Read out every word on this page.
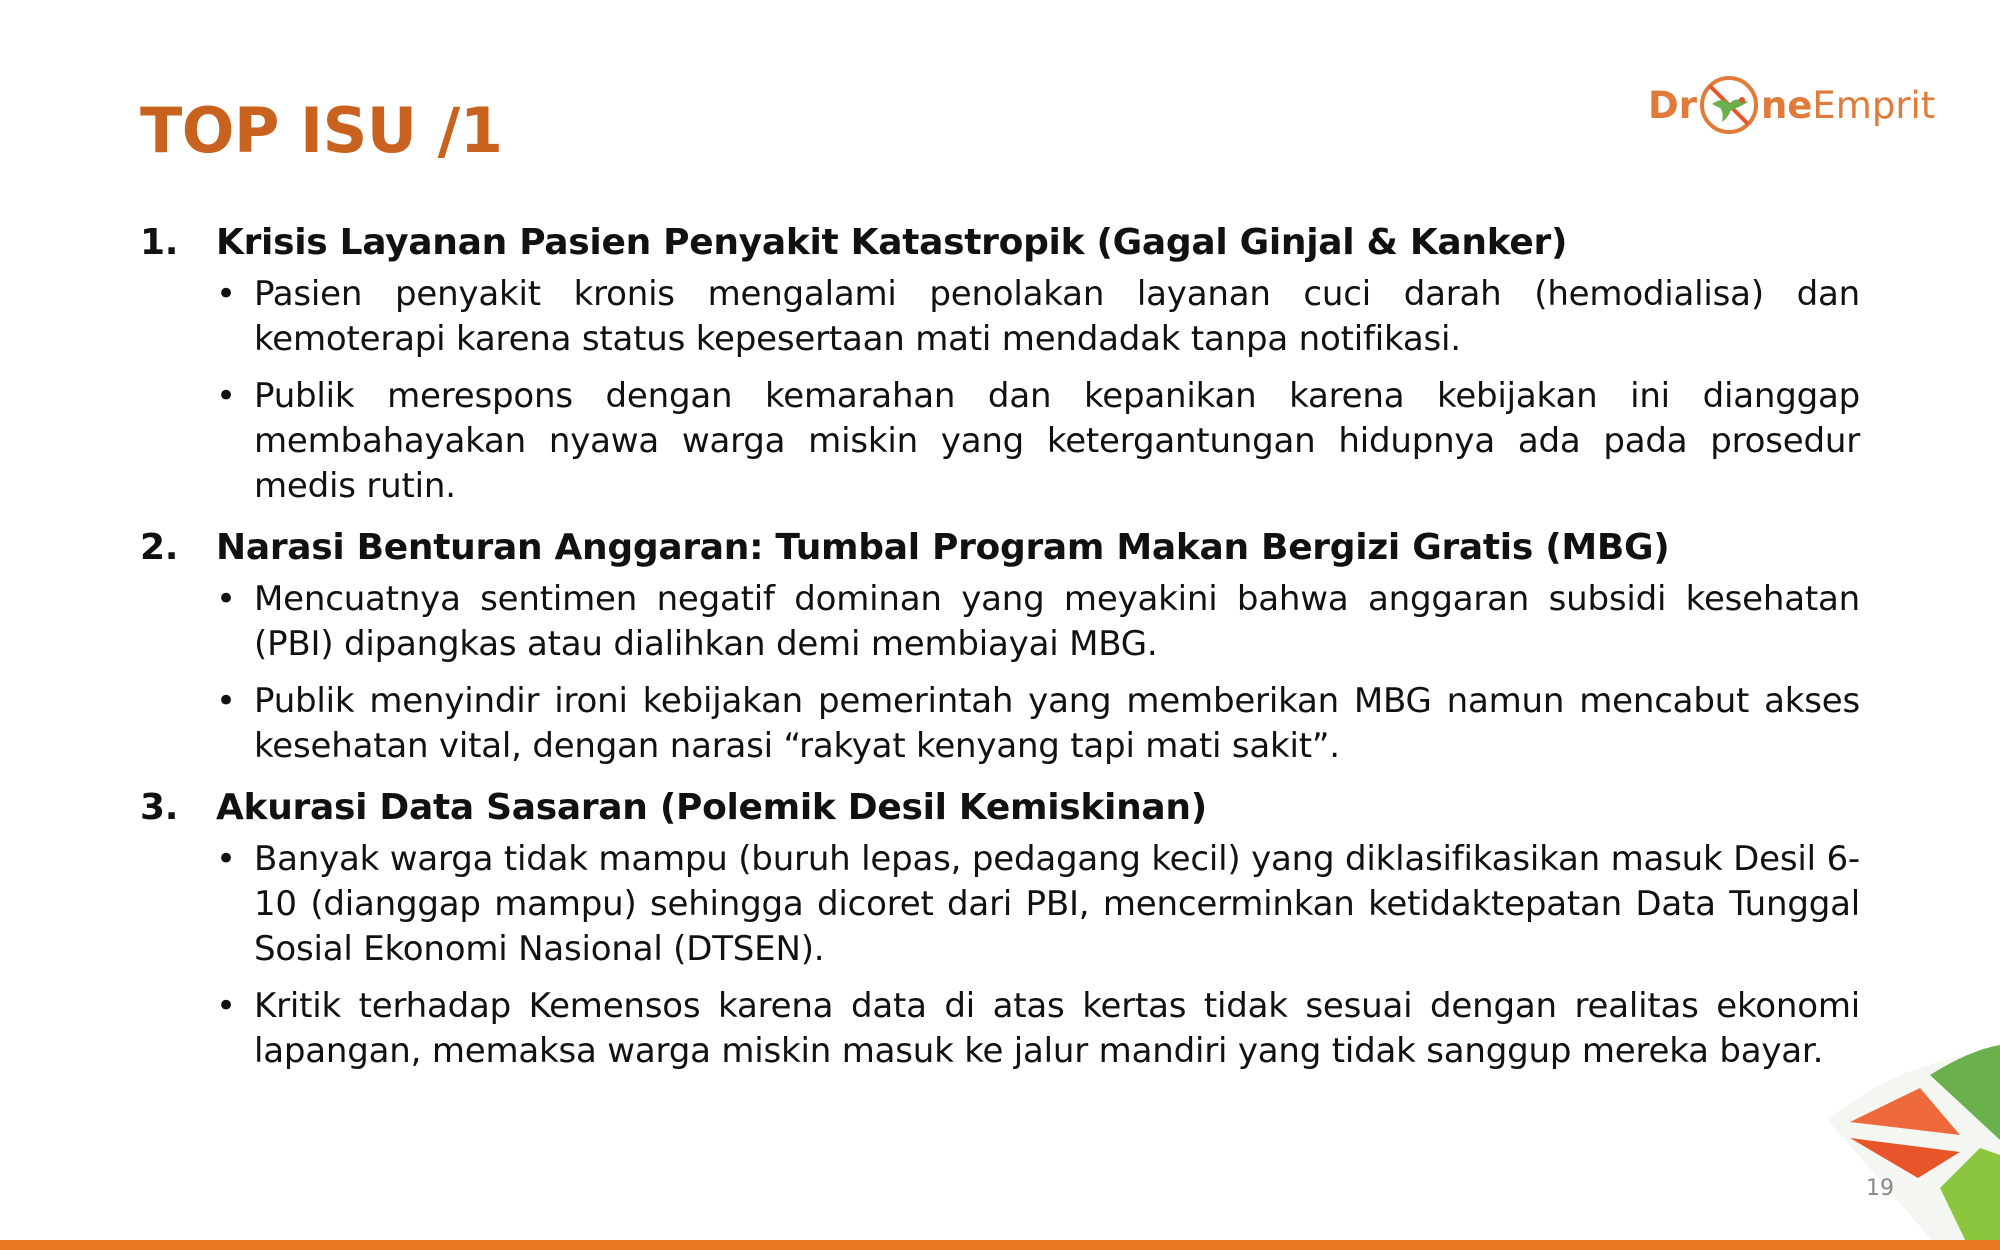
TOP ISU /1	Dr ne Emprit
1.	Krisis Layanan Pasien Penyakit Katastropik (Gagal Ginjal & Kanker)
• Pasien penyakit kronis mengalami penolakan layanan cuci darah (hemodialisa) dan kemoterapi karena status kepesertaan mati mendadak tanpa notifikasi.
• Publik merespons dengan kemarahan dan kepanikan karena kebijakan ini dianggap membahayakan nyawa warga miskin yang ketergantungan hidupnya ada pada prosedur medis rutin.
2.	Narasi Benturan Anggaran: Tumbal Program Makan Bergizi Gratis (MBG)
• Mencuatnya sentimen negatif dominan yang meyakini bahwa anggaran subsidi kesehatan (PBI) dipangkas atau dialihkan demi membiayai MBG.
• Publik menyindir ironi kebijakan pemerintah yang memberikan MBG namun mencabut akses kesehatan vital, dengan narasi “rakyat kenyang tapi mati sakit”.
3.	Akurasi Data Sasaran (Polemik Desil Kemiskinan)
• Banyak warga tidak mampu (buruh lepas, pedagang kecil) yang diklasifikasikan masuk Desil 6-10 (dianggap mampu) sehingga dicoret dari PBI, mencerminkan ketidaktepatan Data Tunggal Sosial Ekonomi Nasional (DTSEN).
• Kritik terhadap Kemensos karena data di atas kertas tidak sesuai dengan realitas ekonomi lapangan, memaksa warga miskin masuk ke jalur mandiri yang tidak sanggup mereka bayar.
19
